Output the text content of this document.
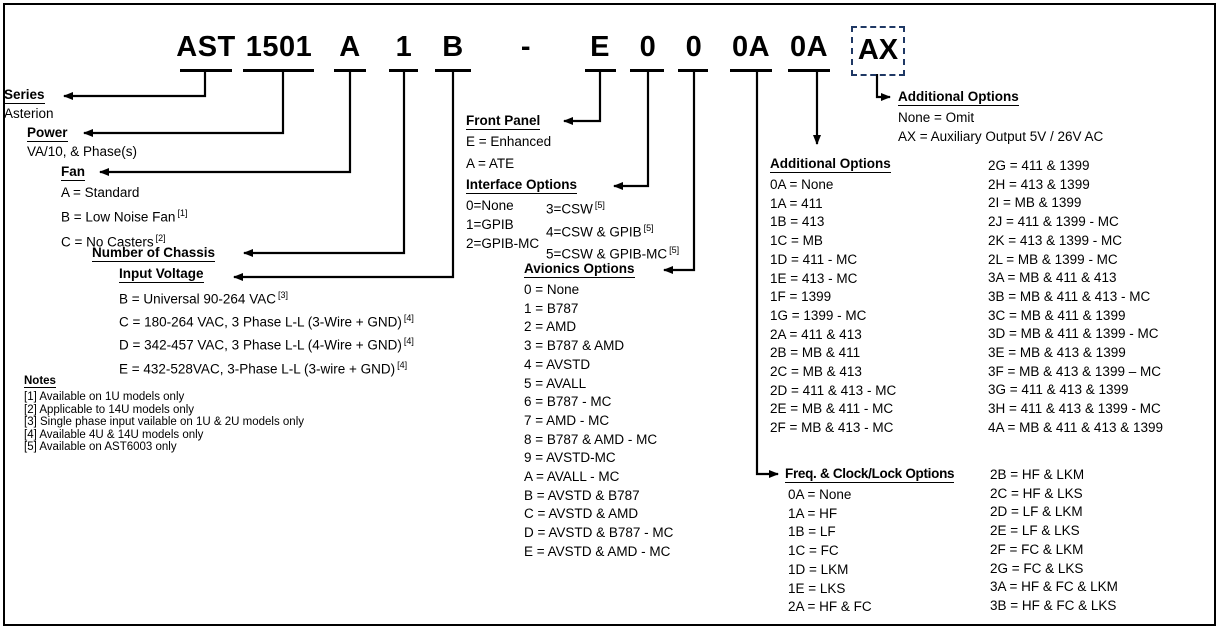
AST 1501 A	1	B	-	E	0	0	0A 0A AX
Series
Asterion
Power
VA/10, & Phase(s)
Fan
A = Standard
B = Low Noise Fan [1]
C = No Casters [2]
Number of Chassis
Input Voltage
B = Universal 90-264 VAC [3]
C = 180-264 VAC, 3 Phase L-L (3-Wire + GND) [4]
D = 342-457 VAC, 3 Phase L-L (4-Wire + GND) [4]
E = 432-528VAC, 3-Phase L-L (3-wire + GND) [4]
Notes
[1] Available on 1U models only
[2] Applicable to 14U models only
[3] Single phase input vailable on 1U & 2U models only
[4] Available 4U & 14U models only
[5] Available on AST6003 only
Front Panel
E = Enhanced
A = ATE
Interface Options
0=None
1=GPIB
2=GPIB-MC
3=CSW [5]
4=CSW & GPIB [5]
5=CSW & GPIB-MC [5]
Avionics Options
0 = None
1 = B787
2 = AMD
3 = B787 & AMD
4 = AVSTD
5 = AVALL
6 = B787 - MC
7 = AMD - MC
8 = B787 & AMD - MC
9 = AVSTD-MC
A = AVALL - MC
B = AVSTD & B787
C = AVSTD & AMD
D = AVSTD & B787 - MC
E = AVSTD & AMD - MC
Additional Options
None = Omit
AX = Auxiliary Output 5V / 26V AC
Additional Options
0A = None
1A = 411
1B = 413
1C = MB
1D = 411 - MC
1E = 413 - MC
1F = 1399
1G = 1399 - MC
2A = 411 & 413
2B = MB & 411
2C = MB & 413
2D = 411 & 413 - MC
2E = MB & 411 - MC
2F = MB & 413 - MC
2G = 411 & 1399
2H = 413 & 1399
2I = MB & 1399
2J = 411 & 1399 - MC
2K = 413 & 1399 - MC
2L = MB & 1399 - MC
3A = MB & 411 & 413
3B = MB & 411 & 413 - MC
3C = MB & 411 & 1399
3D = MB & 411 & 1399 - MC
3E = MB & 413 & 1399
3F = MB & 413 & 1399 – MC
3G = 411 & 413 & 1399
3H = 411 & 413 & 1399 - MC
4A = MB & 411 & 413 & 1399
Freq. & Clock/Lock Options
0A = None
1A = HF
1B = LF
1C = FC
1D = LKM
1E = LKS
2A = HF & FC
2B = HF & LKM
2C = HF & LKS
2D = LF & LKM
2E = LF & LKS
2F = FC & LKM
2G = FC & LKS
3A = HF & FC & LKM
3B = HF & FC & LKS
